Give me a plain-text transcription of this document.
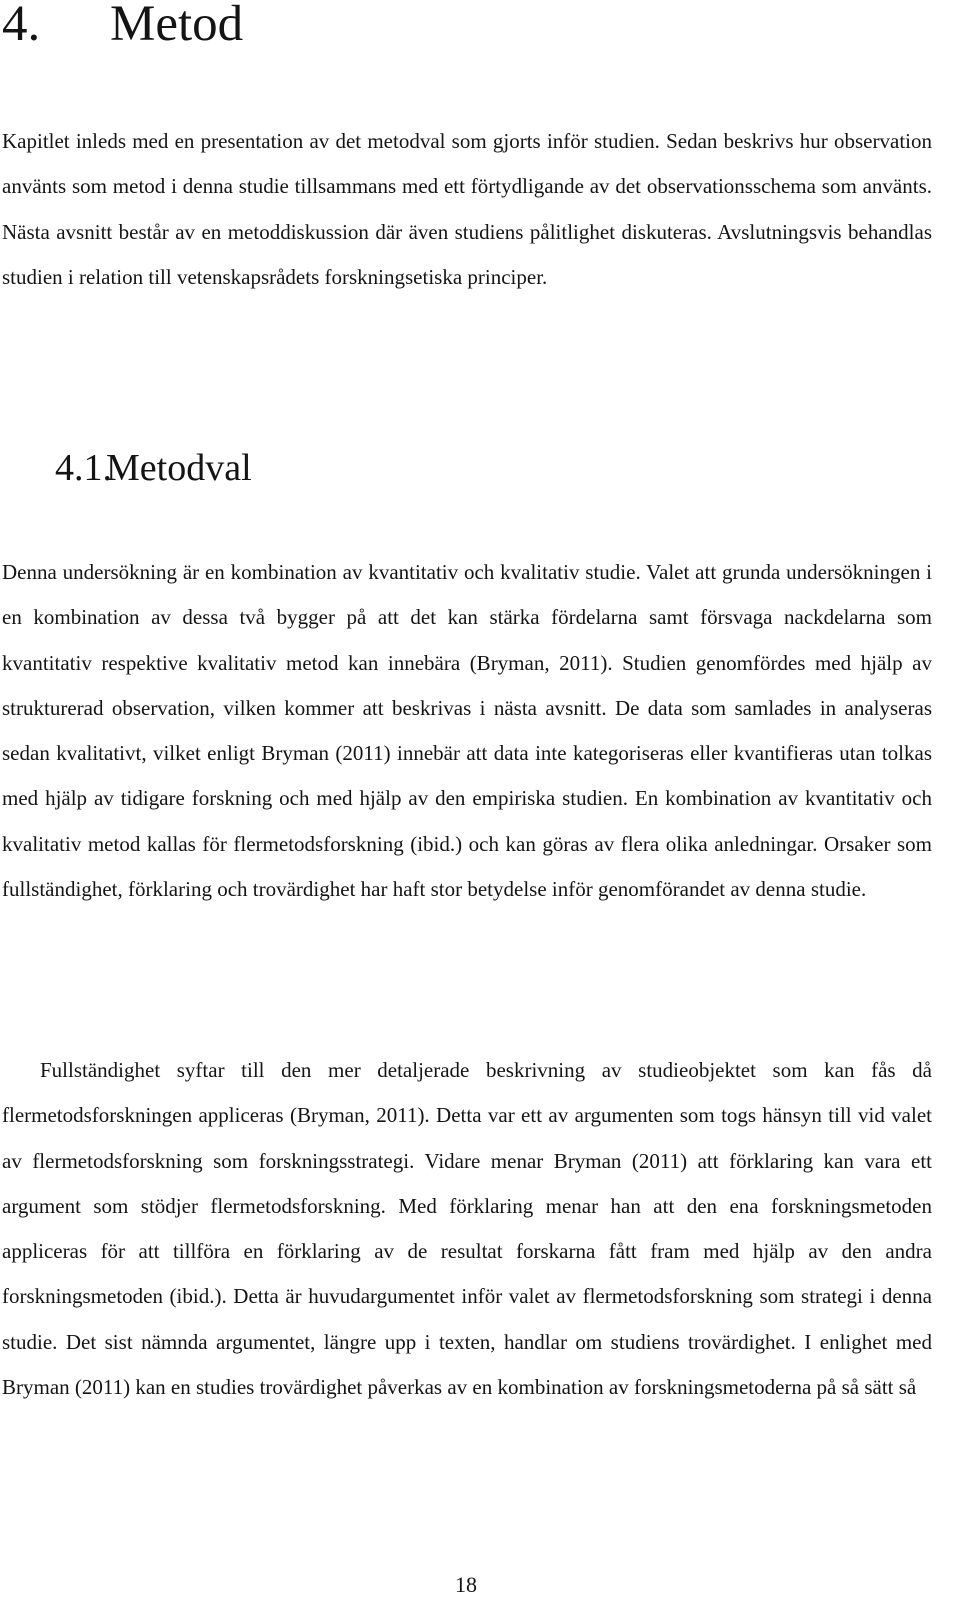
4. Metod

Kapitlet inleds med en presentation av det metodval som gjorts inför studien. Sedan beskrivs hur observation använts som metod i denna studie tillsammans med ett förtydligande av det observationsschema som använts. Nästa avsnitt består av en metoddiskussion där även studiens pålitlighet diskuteras. Avslutningsvis behandlas studien i relation till vetenskapsrådets forskningsetiska principer.

4.1.Metodval

Denna undersökning är en kombination av kvantitativ och kvalitativ studie. Valet att grunda undersökningen i en kombination av dessa två bygger på att det kan stärka fördelarna samt försvaga nackdelarna som kvantitativ respektive kvalitativ metod kan innebära (Bryman, 2011). Studien genomfördes med hjälp av strukturerad observation, vilken kommer att beskrivas i nästa avsnitt. De data som samlades in analyseras sedan kvalitativt, vilket enligt Bryman (2011) innebär att data inte kategoriseras eller kvantifieras utan tolkas med hjälp av tidigare forskning och med hjälp av den empiriska studien. En kombination av kvantitativ och kvalitativ metod kallas för flermetodsforskning (ibid.) och kan göras av flera olika anledningar. Orsaker som fullständighet, förklaring och trovärdighet har haft stor betydelse inför genomförandet av denna studie.

Fullständighet syftar till den mer detaljerade beskrivning av studieobjektet som kan fås då flermetodsforskningen appliceras (Bryman, 2011). Detta var ett av argumenten som togs hänsyn till vid valet av flermetodsforskning som forskningsstrategi. Vidare menar Bryman (2011) att förklaring kan vara ett argument som stödjer flermetodsforskning. Med förklaring menar han att den ena forskningsmetoden appliceras för att tillföra en förklaring av de resultat forskarna fått fram med hjälp av den andra forskningsmetoden (ibid.). Detta är huvudargumentet inför valet av flermetodsforskning som strategi i denna studie. Det sist nämnda argumentet, längre upp i texten, handlar om studiens trovärdighet. I enlighet med Bryman (2011) kan en studies trovärdighet påverkas av en kombination av forskningsmetoderna på så sätt så

18
